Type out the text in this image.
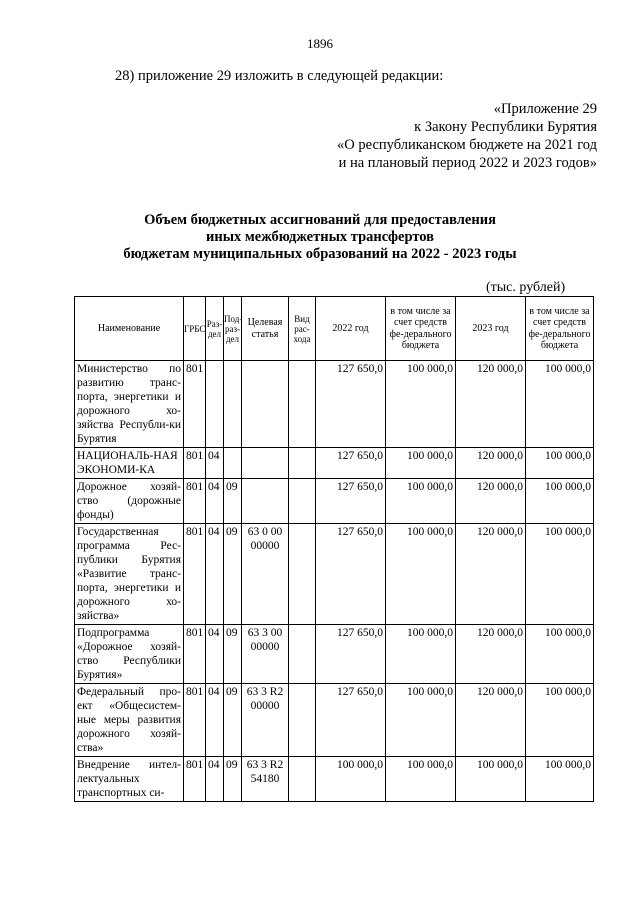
1896
28) приложение 29 изложить в следующей редакции:
«Приложение 29
к Закону Республики Бурятия
«О республиканском бюджете на 2021 год
и на плановый период 2022 и 2023 годов»
Объем бюджетных ассигнований для предоставления
иных межбюджетных трансфертов
бюджетам муниципальных образований на 2022 - 2023 годы
(тыс. рублей)
Наименование	ГРБС	Раз-дел	Под-раз-дел	Целевая статья	Вид рас-хода	2022 год	в том числе за счет средств фе-дерального бюджета	2023 год	в том числе за счет средств фе-дерального бюджета
Министерство по развитию транс-порта, энергетики и дорожного хо-зяйства Республи-ки Бурятия	801					127 650,0	100 000,0	120 000,0	100 000,0
НАЦИОНАЛЬ-НАЯ ЭКОНОМИ-КА	801	04				127 650,0	100 000,0	120 000,0	100 000,0
Дорожное хозяй-ство (дорожные фонды)	801	04	09			127 650,0	100 000,0	120 000,0	100 000,0
Государственная программа Рес-публики Бурятия «Развитие транс-порта, энергетики и дорожного хо-зяйства»	801	04	09	63 0 00 00000		127 650,0	100 000,0	120 000,0	100 000,0
Подпрограмма «Дорожное хозяй-ство Республики Бурятия»	801	04	09	63 3 00 00000		127 650,0	100 000,0	120 000,0	100 000,0
Федеральный про-ект «Общесистем-ные меры развития дорожного хозяй-ства»	801	04	09	63 3 R2 00000		127 650,0	100 000,0	120 000,0	100 000,0
Внедрение интел-лектуальных транспортных си-	801	04	09	63 3 R2 54180		100 000,0	100 000,0	100 000,0	100 000,0
